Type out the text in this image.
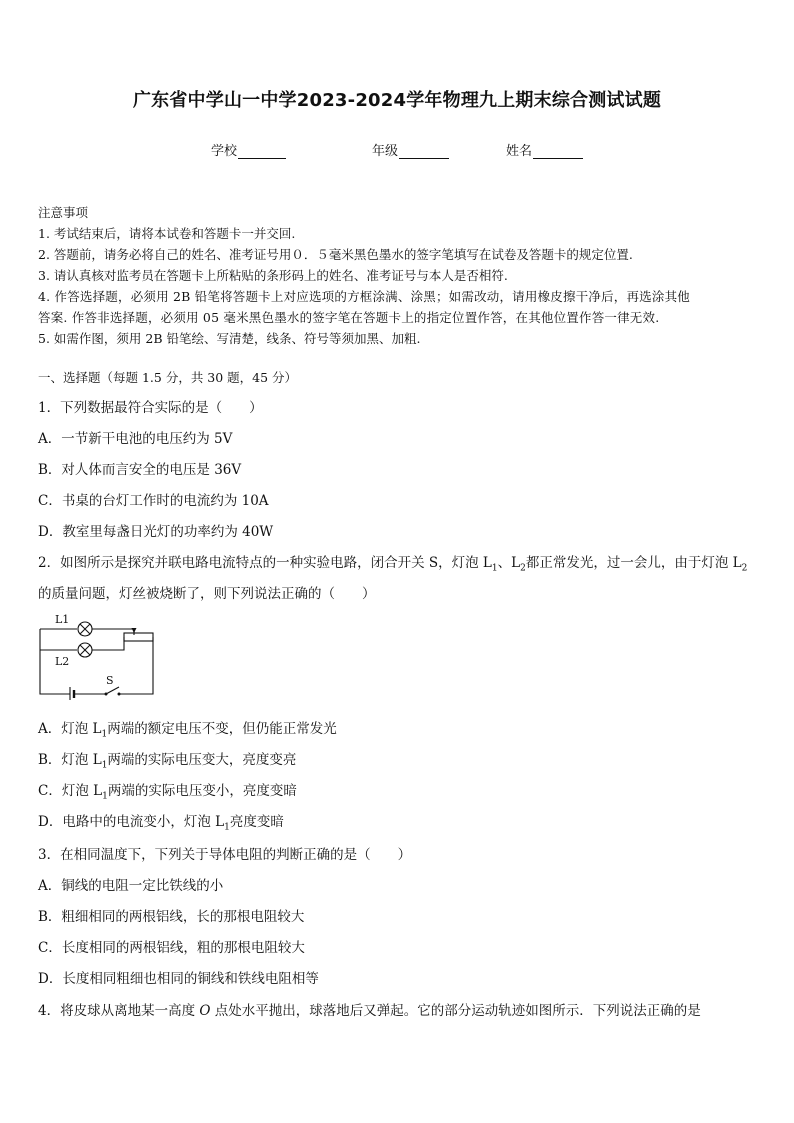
广东省中学山一中学2023-2024学年物理九上期末综合测试试题
学校	年级	姓名

注意事项

1. 考试结束后，请将本试卷和答题卡一并交回.

2. 答题前，请务必将自己的姓名、准考证号用０．５毫米黑色墨水的签字笔填写在试卷及答题卡的规定位置.

3. 请认真核对监考员在答题卡上所粘贴的条形码上的姓名、准考证号与本人是否相符.

4. 作答选择题，必须用 2B 铅笔将答题卡上对应选项的方框涂满、涂黑；如需改动，请用橡皮擦干净后，再选涂其他

答案. 作答非选择题，必须用 05 毫米黑色墨水的签字笔在答题卡上的指定位置作答，在其他位置作答一律无效.

5. 如需作图，须用 2B 铅笔绘、写清楚，线条、符号等须加黑、加粗.

一、选择题（每题 1.5 分，共 30 题，45 分）
1．下列数据最符合实际的是（　　）
A．一节新干电池的电压约为 5V
B．对人体而言安全的电压是 36V
C．书桌的台灯工作时的电流约为 10A
D．教室里每盏日光灯的功率约为 40W
2．如图所示是探究并联电路电流特点的一种实验电路，闭合开关 S，灯泡 $L_1$、$L_2$都正常发光，过一会儿，由于灯泡 $L_2$
的质量问题，灯丝被烧断了，则下列说法正确的（　　）
L1
L2
S
A．灯泡 $L_1$两端的额定电压不变，但仍能正常发光
B．灯泡 $L_1$两端的实际电压变大，亮度变亮
C．灯泡 $L_1$两端的实际电压变小，亮度变暗
D．电路中的电流变小，灯泡 $L_1$亮度变暗
3．在相同温度下，下列关于导体电阻的判断正确的是（　　）
A．铜线的电阻一定比铁线的小
B．粗细相同的两根铝线，长的那根电阻较大
C．长度相同的两根铝线，粗的那根电阻较大
D．长度相同粗细也相同的铜线和铁线电阻相等
4．将皮球从离地某一高度 O 点处水平抛出，球落地后又弹起。它的部分运动轨迹如图所示．下列说法正确的是
